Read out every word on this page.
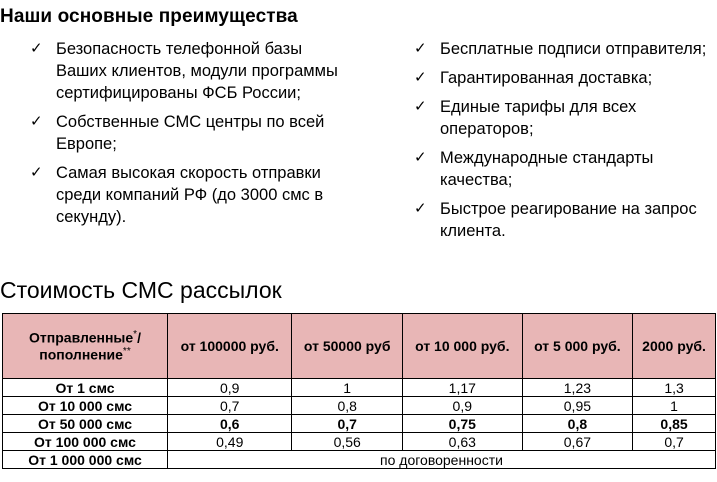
Наши основные преимущества
✓ Безопасность телефонной базы Ваших клиентов, модули программы сертифицированы ФСБ России;
✓ Собственные СМС центры по всей Европе;
✓ Самая высокая скорость отправки среди компаний РФ (до 3000 смс в секунду).
✓ Бесплатные подписи отправителя;
✓ Гарантированная доставка;
✓ Единые тарифы для всех операторов;
✓ Международные стандарты качества;
✓ Быстрое реагирование на запрос клиента.
Стоимость СМС рассылок
Отправленные*/ пополнение**	от 100000 руб.	от 50000 руб	от 10 000 руб.	от 5 000 руб.	2000 руб.
От 1 смс	0,9	1	1,17	1,23	1,3
От 10 000 смс	0,7	0,8	0,9	0,95	1
От 50 000 смс	0,6	0,7	0,75	0,8	0,85
От 100 000 смс	0,49	0,56	0,63	0,67	0,7
От 1 000 000 смс	по договоренности				
